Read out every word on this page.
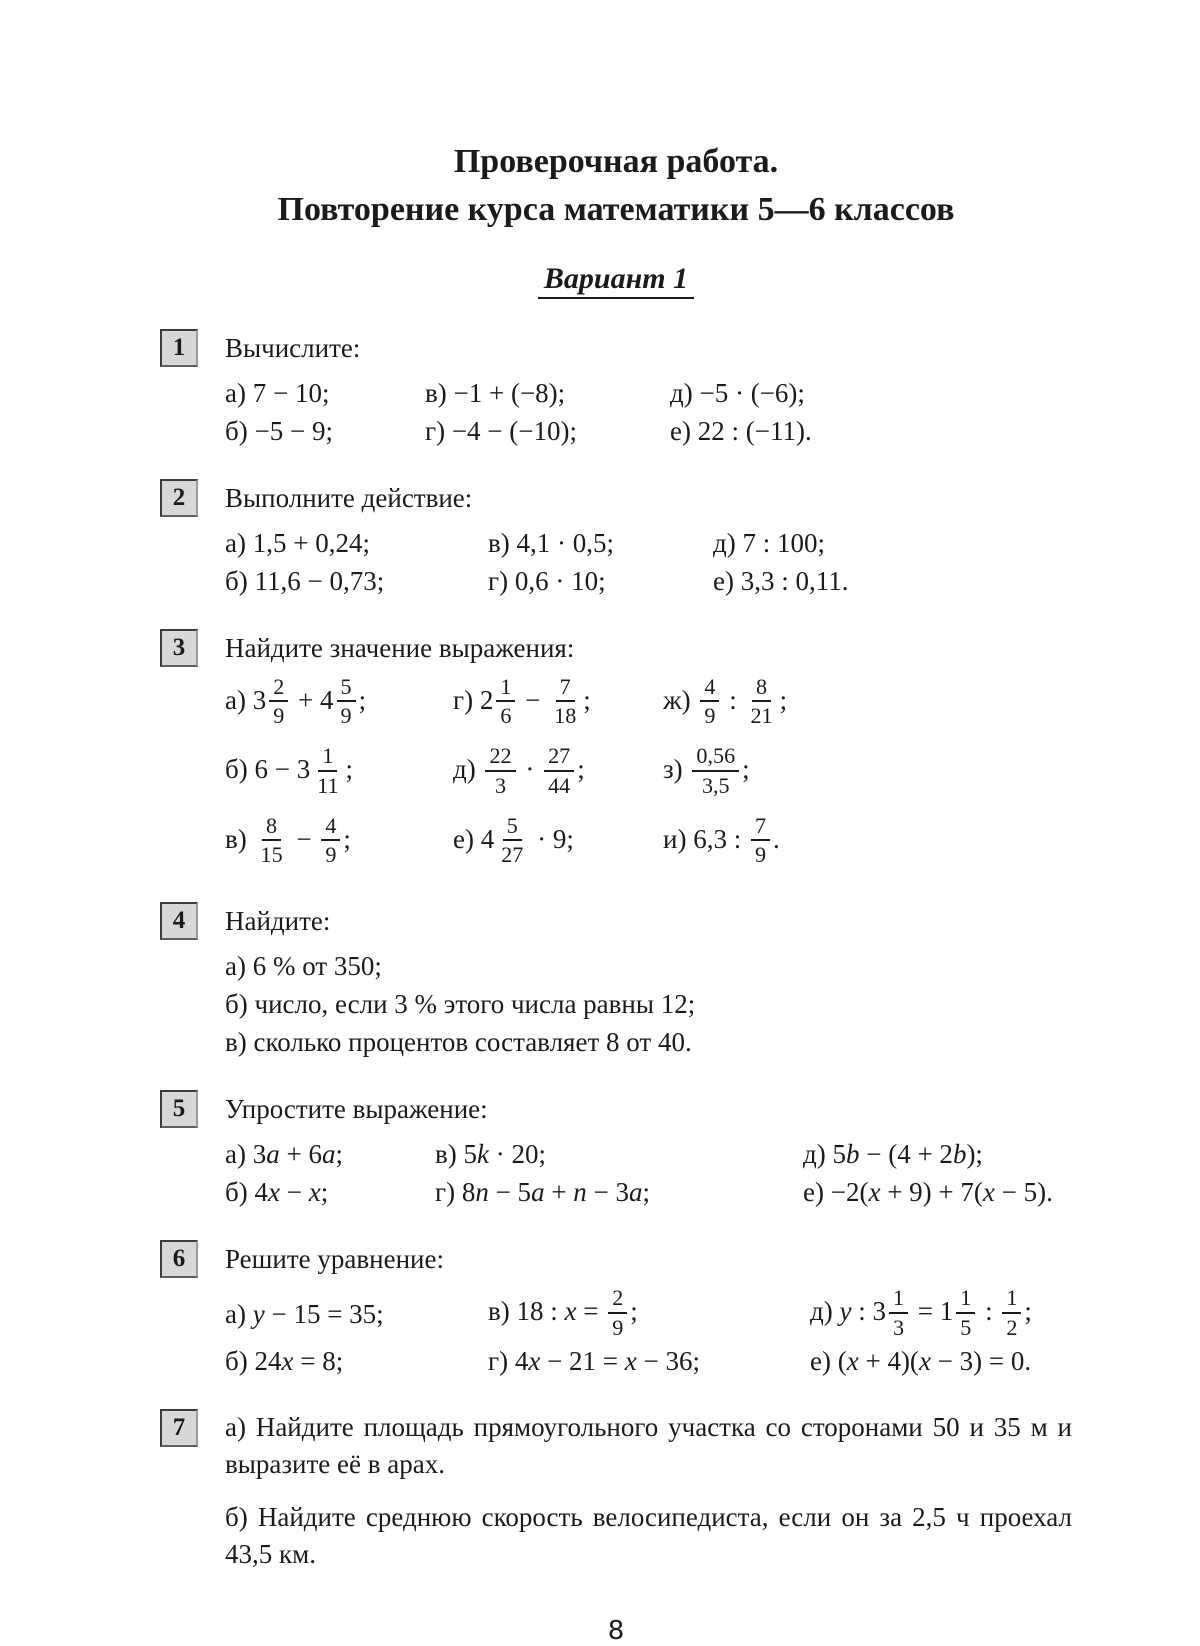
Проверочная работа.
Повторение курса математики 5—6 классов
Вариант 1
1	Вычислите:
а) 7 − 10;	в) −1 + (−8);	д) −5 · (−6);
б) −5 − 9;	г) −4 − (−10);	е) 22 : (−11).
2	Выполните действие:
а) 1,5 + 0,24;	в) 4,1 · 0,5;	д) 7 : 100;
б) 11,6 − 0,73;	г) 0,6 · 10;	е) 3,3 : 0,11.
3	Найдите значение выражения:
а) $3 \frac{2}{9} + 4 \frac{5}{9}$ ;	г) $2 \frac{1}{6} - \frac{7}{18}$ ;	$ж) \frac{4}{9}$ : $\frac{8}{21}$ ;
б) $6 - 3 \frac{1}{11}$ ;	$д) \frac{22}{3} \cdot \frac{27}{44}$ ;	$з) \frac{0,56}{3,5}$ ;
$в) \frac{8}{15} - \frac{4}{9}$ ;	е) $4 \frac{5}{27} \cdot 9$;	и) 6,3 : $\frac{7}{9}$ .
4	Найдите:
а) 6 % от 350;
б) число, если 3 % этого числа равны 12;
в) сколько процентов составляет 8 от 40.
5	Упростите выражение:
а) 3a + 6a;	в) 5k · 20;	д) 5b − (4 + 2b);
б) 4x − x;	г) 8n − 5a + n − 3a;	е) −2(x + 9) + 7(x − 5).
6	Решите уравнение:
а) y − 15 = 35;	в) 18 : $x = \frac{2}{9}$ ;	д) y : $3 \frac{1}{3} = 1 \frac{1}{5}$ : $\frac{1}{2}$ ;
б) 24x = 8;	г) 4x − 21 = x − 36;	е) (x + 4)(x − 3) = 0.
7	а) Найдите площадь прямоугольного участка со сторонами 50 и 35 м и выразите её в арах.
б) Найдите среднюю скорость велосипедиста, если он за 2,5 ч проехал 43,5 км.
8
